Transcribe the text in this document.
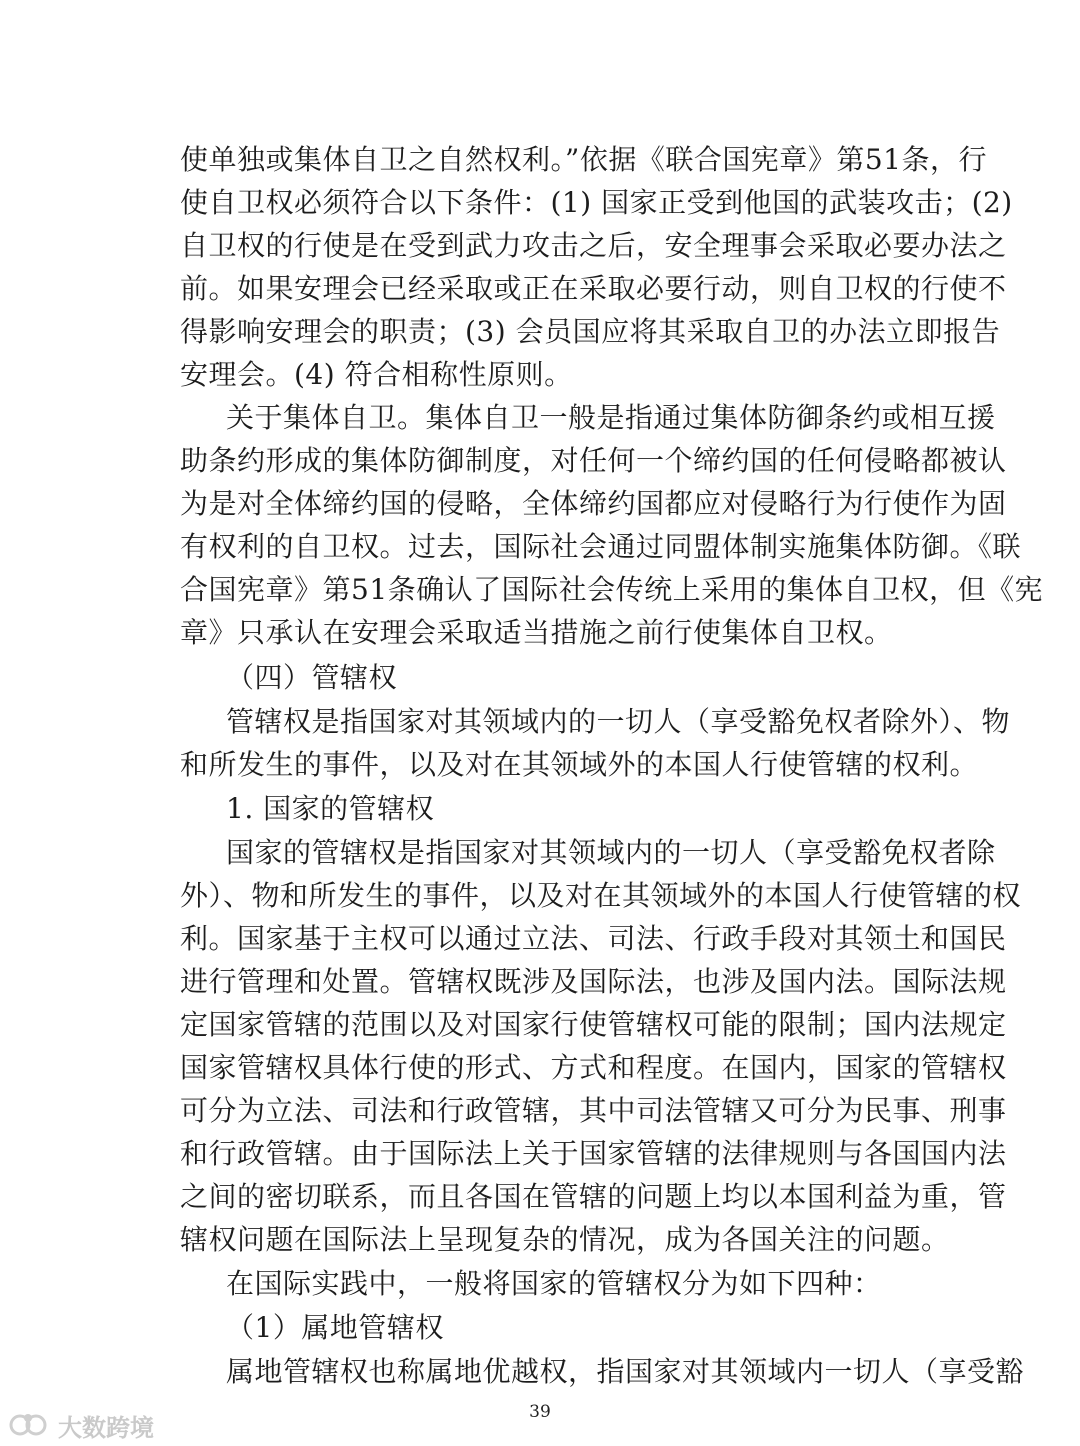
使单独或集体自卫之自然权利。”依据《联合国宪章》第51条，行
使自卫权必须符合以下条件：(1) 国家正受到他国的武装攻击；(2)
自卫权的行使是在受到武力攻击之后，安全理事会采取必要办法之
前。如果安理会已经采取或正在采取必要行动，则自卫权的行使不
得影响安理会的职责；(3) 会员国应将其采取自卫的办法立即报告
安理会。(4) 符合相称性原则。
关于集体自卫。集体自卫一般是指通过集体防御条约或相互援
助条约形成的集体防御制度，对任何一个缔约国的任何侵略都被认
为是对全体缔约国的侵略，全体缔约国都应对侵略行为行使作为固
有权利的自卫权。过去，国际社会通过同盟体制实施集体防御。《联
合国宪章》第51条确认了国际社会传统上采用的集体自卫权，但《宪
章》只承认在安理会采取适当措施之前行使集体自卫权。
（四）管辖权
管辖权是指国家对其领域内的一切人（享受豁免权者除外）、物
和所发生的事件，以及对在其领域外的本国人行使管辖的权利。
1. 国家的管辖权
国家的管辖权是指国家对其领域内的一切人（享受豁免权者除
外）、物和所发生的事件，以及对在其领域外的本国人行使管辖的权
利。国家基于主权可以通过立法、司法、行政手段对其领土和国民
进行管理和处置。管辖权既涉及国际法，也涉及国内法。国际法规
定国家管辖的范围以及对国家行使管辖权可能的限制；国内法规定
国家管辖权具体行使的形式、方式和程度。在国内，国家的管辖权
可分为立法、司法和行政管辖，其中司法管辖又可分为民事、刑事
和行政管辖。由于国际法上关于国家管辖的法律规则与各国国内法
之间的密切联系，而且各国在管辖的问题上均以本国利益为重，管
辖权问题在国际法上呈现复杂的情况，成为各国关注的问题。
在国际实践中，一般将国家的管辖权分为如下四种：
（1）属地管辖权
属地管辖权也称属地优越权，指国家对其领域内一切人（享受豁
39
大数跨境
